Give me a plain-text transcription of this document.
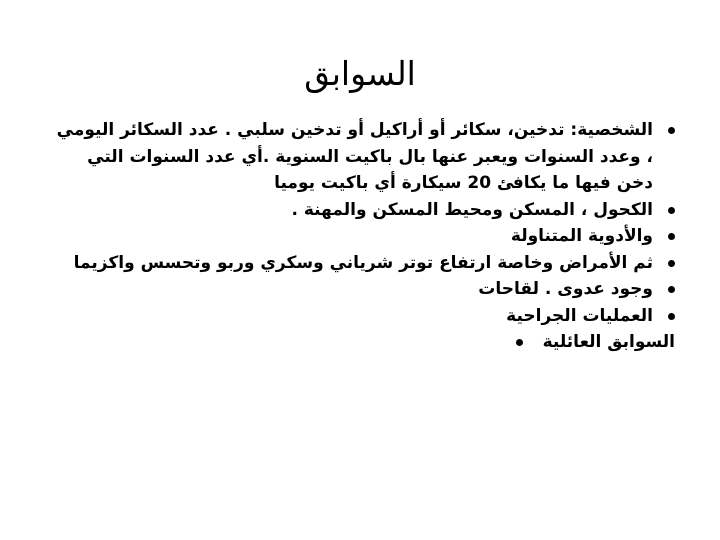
السوابق
الشخصية: تدخين، سكائر أو أراكيل أو تدخين سلبي . عدد السكائر اليومي ، وعدد السنوات ويعبر عنها بال باكيت السنوية .أي عدد السنوات التي دخن فيها ما يكافئ 20 سيكارة أي باكيت يوميا
الكحول ، المسكن ومحيط المسكن والمهنة .
والأدوية المتناولة
ثم الأمراض وخاصة ارتفاع توتر شرياني وسكري وربو وتحسس واكزيما
وجود عدوى . لقاحات
العمليات الجراحية
السوابق العائلية
